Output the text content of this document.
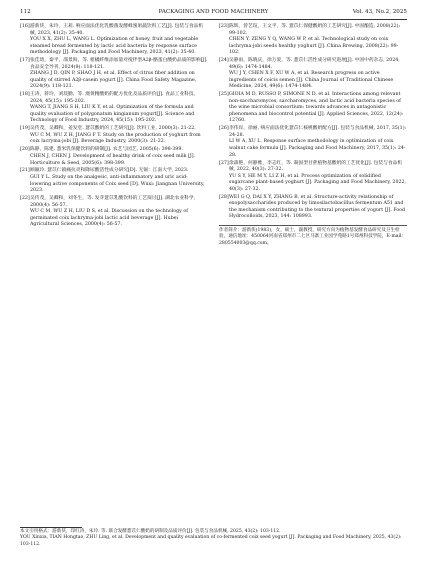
112	PACKAGING AND FOOD MACHINERY	Vol. 43, No.2, 2025
[16] 游新侠，朱玲，王莉. 响应面法优化乳酸菌发酵蜂蜜果蔬饮料工艺[J]. 包装与食品机械, 2023, 41(2): 35-40.
YOU X X, ZHU L, WANG L. Optimization of honey, fruit and vegetable steamed bread fermented by lactic acid bacteria by response surface methodology [J]. Packaging and Food Machinery, 2023, 41(2): 35-40.
[17] 张佳琦，秦平，邵景海，等. 柑橘纤维添加量对搅拌型A2β-酪蛋白酸奶品质的影响[J]. 食品安全导刊, 2024(9): 118-121.
ZHANG J D, QIN P, SHAO J H, et al. Effect of citrus fiber addition on quality of stirred A2β-casein yogurt [J]. China Food Safety Magazine, 2024(9): 118-121.
[18] 王涛，蒋玲，刘琰勤，等. 澳黄精酸奶的配方优化及品质评价[J]. 食品工业科技, 2024, 45(15): 195-202.
WANG T, JIANG S H, LIU K Y, et al. Optimization of the formula and quality evaluation of polygonatum kingianum yogurt[J]. Science and Technology of Food Industry, 2024, 45(15): 195-202.
[19] 吴传茂，吴卿和，姜发堂. 薏苡酸奶的工艺研究[J]. 饮料工业, 2000(3): 21-22.
WU C M, WU Z H, JIANG F T. Study on the production of yoghurt from coix lacryma-jobi [J]. Beverage Industry, 2000(3): 21-22.
[20] 陈静，陈建. 薏米乳保健饮料的研制[J]. 农艺与园艺, 2005(6): 398-399.
CHEN J, CHEN J. Development of healthy drink of coix seed milk [J]. Horticulture & Seed, 2005(6): 398-399.
[21] 顾颖玲. 薏苡仁镇痛抗炎和降尿酸活性成分研究[D]. 无锡：江南大学, 2023.
GUI Y L. Study on the analgesic, anti-inflammatory and uric acid-lowering active components of Coix seed [D]. Wuxi: Jiangnan University, 2023.
[22] 吴传茂，吴卿和，刘冬生，等. 发芽薏苡乳酸饮料的工艺探讨[J]. 湖北农业科学, 2000(4): 56-57.
WU C M, WU Z H, LIU D S, et al. Discussion on the technology of germinated coix lachryma-jobi lactic acid beverage [J]. Hubei Agricultural Sciences, 2000(4): 56-57.
[23] 陈辉，曾艺瑄，王文平，等. 薏苡仁保健酸奶的工艺研究[J]. 中国酿造, 2008(22): 99-102.
CHEN Y, ZENG Y Q, WANG W P, et al. Technological study on coix lachryma-jobi seeds healthy yoghurt [J]. China Brewing, 2008(22): 99-102.
[24] 吴静雨，陈晓庆，徐万爱，等. 薏苡仁活性成分研究进展[J]. 中国中药杂志, 2024, 49(6): 1474-1484.
WU J Y, CHEN X F, XU W A, et al. Research progress on active ingredients of coicis semen [J]. China Journal of Traditional Chinese Medicine, 2024, 49(6): 1474-1484.
[25] GIOIA M D, RUSSO P, SIMONE N D, et al. Interactions among relevant non-saccharomyces, saccharomyces, and lactic acid bacteria species of the wine microbial consortium: towards advances in antagonistic phenomena and biocontrol potential [J]. Applied Sciences, 2022, 12(24): 12760.
[26] 李伟岸，徐丽. 响应面法优化薏苡仁核桃酸奶配方[J]. 包装与食品机械, 2017, 35(1): 24-28.
LI W A, XU L. Response surface methodology in optimization of coix walnut cake formula [J]. Packaging and Food Machinery, 2017, 35(1): 24-28.
[27] 余森艳，何静雅，李志红，等. 凝固型甘蔗植物基酸奶的工艺优化[J]. 包装与食品机械, 2022, 40(3): 27-32.
YU S Y, HE M Y, LI Z H, et al. Process optimization of solidified sugarcane plant-based yoghurt [J]. Packaging and Food Machinery, 2022, 40(3): 27-32.
[28] WEI G Q, DAI X Y, ZHANG B, et al. Structure-activity relationship of exopolysaccharides produced by limosilactobacillus fermentum A51 and the mechanism contributing to the textural properties of yogurt [J]. Food Hydrocolloids, 2023, 144: 108993.
作者简介：游新侠(1983)，女，硕士，副教授，研究方向为植物基发酵食品研究及卫生检验，通信地址：450064河南省郑州市二七区马寨工业园学苑路1号郑州科技学院，E-mail：280554003@qq.com。
本文引用格式：游新侠，印红涛，朱玲. 等. 联合发酵薏苡仁酸奶的研制及品质评价[J]. 包装与食品机械, 2025, 43(2): 103-112.
YOU Xinxia, TIAN Hongtao, ZHU Ling, et al. Development and quality evaluation of co-fermented coix seed yogurt [J]. Packaging and Food Machinery, 2025, 43(2): 103-112.
